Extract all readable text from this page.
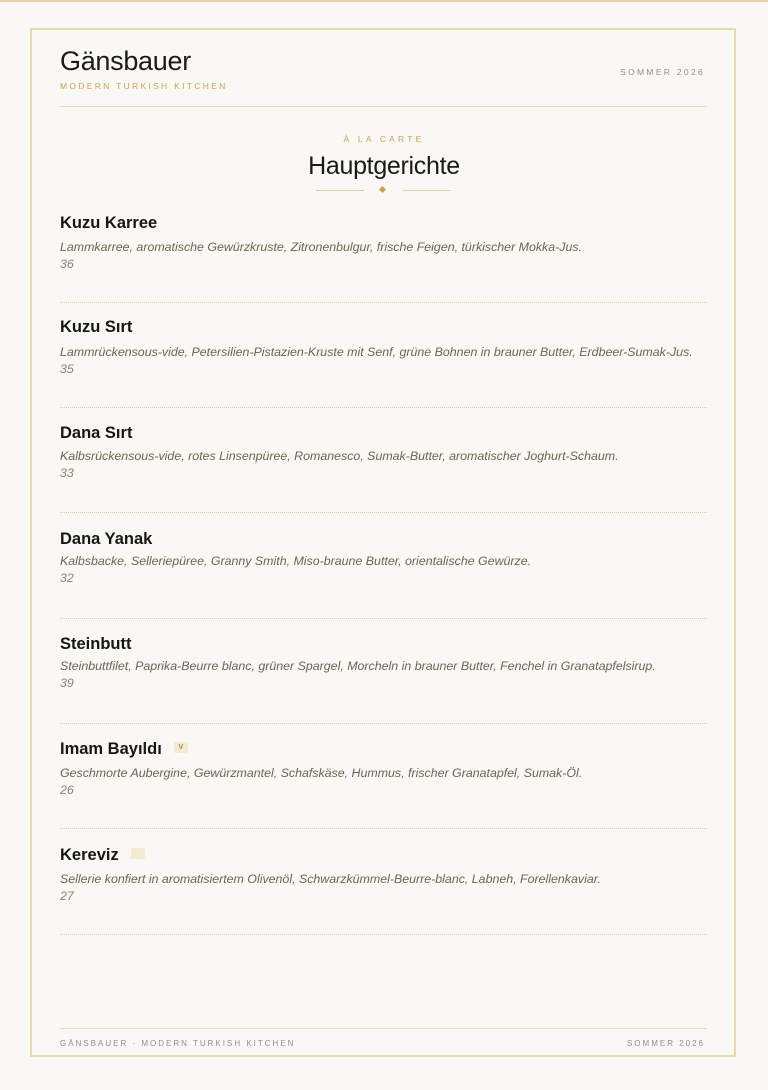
Gänsbauer
MODERN TURKISH KITCHEN
SOMMER 2026
À LA CARTE
Hauptgerichte
Kuzu Karree
Lammkarree, aromatische Gewürzkruste, Zitronenbulgur, frische Feigen, türkischer Mokka-Jus.
36
Kuzu Sırt
Lammrückensous-vide, Petersilien-Pistazien-Kruste mit Senf, grüne Bohnen in brauner Butter, Erdbeer-Sumak-Jus.
35
Dana Sırt
Kalbsrückensous-vide, rotes Linsenpüree, Romanesco, Sumak-Butter, aromatischer Joghurt-Schaum.
33
Dana Yanak
Kalbsbacke, Selleriepüree, Granny Smith, Miso-braune Butter, orientalische Gewürze.
32
Steinbutt
Steinbuttfilet, Paprika-Beurre blanc, grüner Spargel, Morcheln in brauner Butter, Fenchel in Granatapfelsirup.
39
Imam Bayıldı V
Geschmorte Aubergine, Gewürzmantel, Schafskäse, Hummus, frischer Granatapfel, Sumak-Öl.
26
Kereviz
Sellerie konfiert in aromatisiertem Olivenöl, Schwarzkümmel-Beurre-blanc, Labneh, Forellenkaviar.
27
GÄNSBAUER · MODERN TURKISH KITCHEN	SOMMER 2026
